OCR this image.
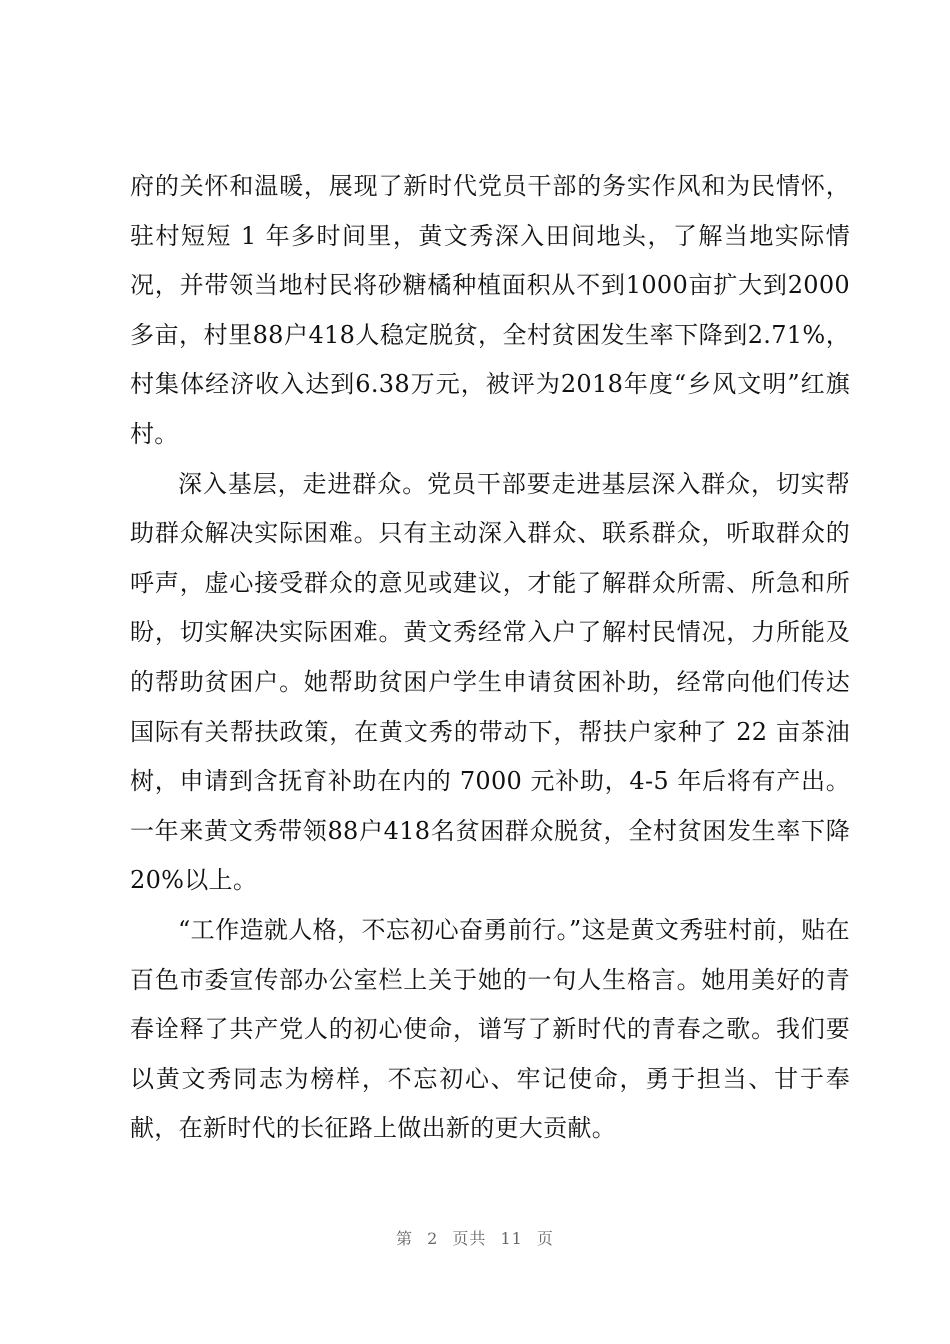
府的关怀和温暖，展现了新时代党员干部的务实作风和为民情怀，驻村短短 1 年多时间里，黄文秀深入田间地头，了解当地实际情况，并带领当地村民将砂糖橘种植面积从不到1000亩扩大到2000多亩，村里88户418人稳定脱贫，全村贫困发生率下降到2.71%，村集体经济收入达到6.38万元，被评为2018年度“乡风文明”红旗村。

深入基层，走进群众。党员干部要走进基层深入群众，切实帮助群众解决实际困难。只有主动深入群众、联系群众，听取群众的呼声，虚心接受群众的意见或建议，才能了解群众所需、所急和所盼，切实解决实际困难。黄文秀经常入户了解村民情况，力所能及的帮助贫困户。她帮助贫困户学生申请贫困补助，经常向他们传达国际有关帮扶政策，在黄文秀的带动下，帮扶户家种了 22 亩茶油树，申请到含抚育补助在内的 7000 元补助，4-5 年后将有产出。一年来黄文秀带领88户418名贫困群众脱贫，全村贫困发生率下降20%以上。

“工作造就人格，不忘初心奋勇前行。”这是黄文秀驻村前，贴在百色市委宣传部办公室栏上关于她的一句人生格言。她用美好的青春诠释了共产党人的初心使命，谱写了新时代的青春之歌。我们要以黄文秀同志为榜样，不忘初心、牢记使命，勇于担当、甘于奉献，在新时代的长征路上做出新的更大贡献。

第 2 页共 11 页
